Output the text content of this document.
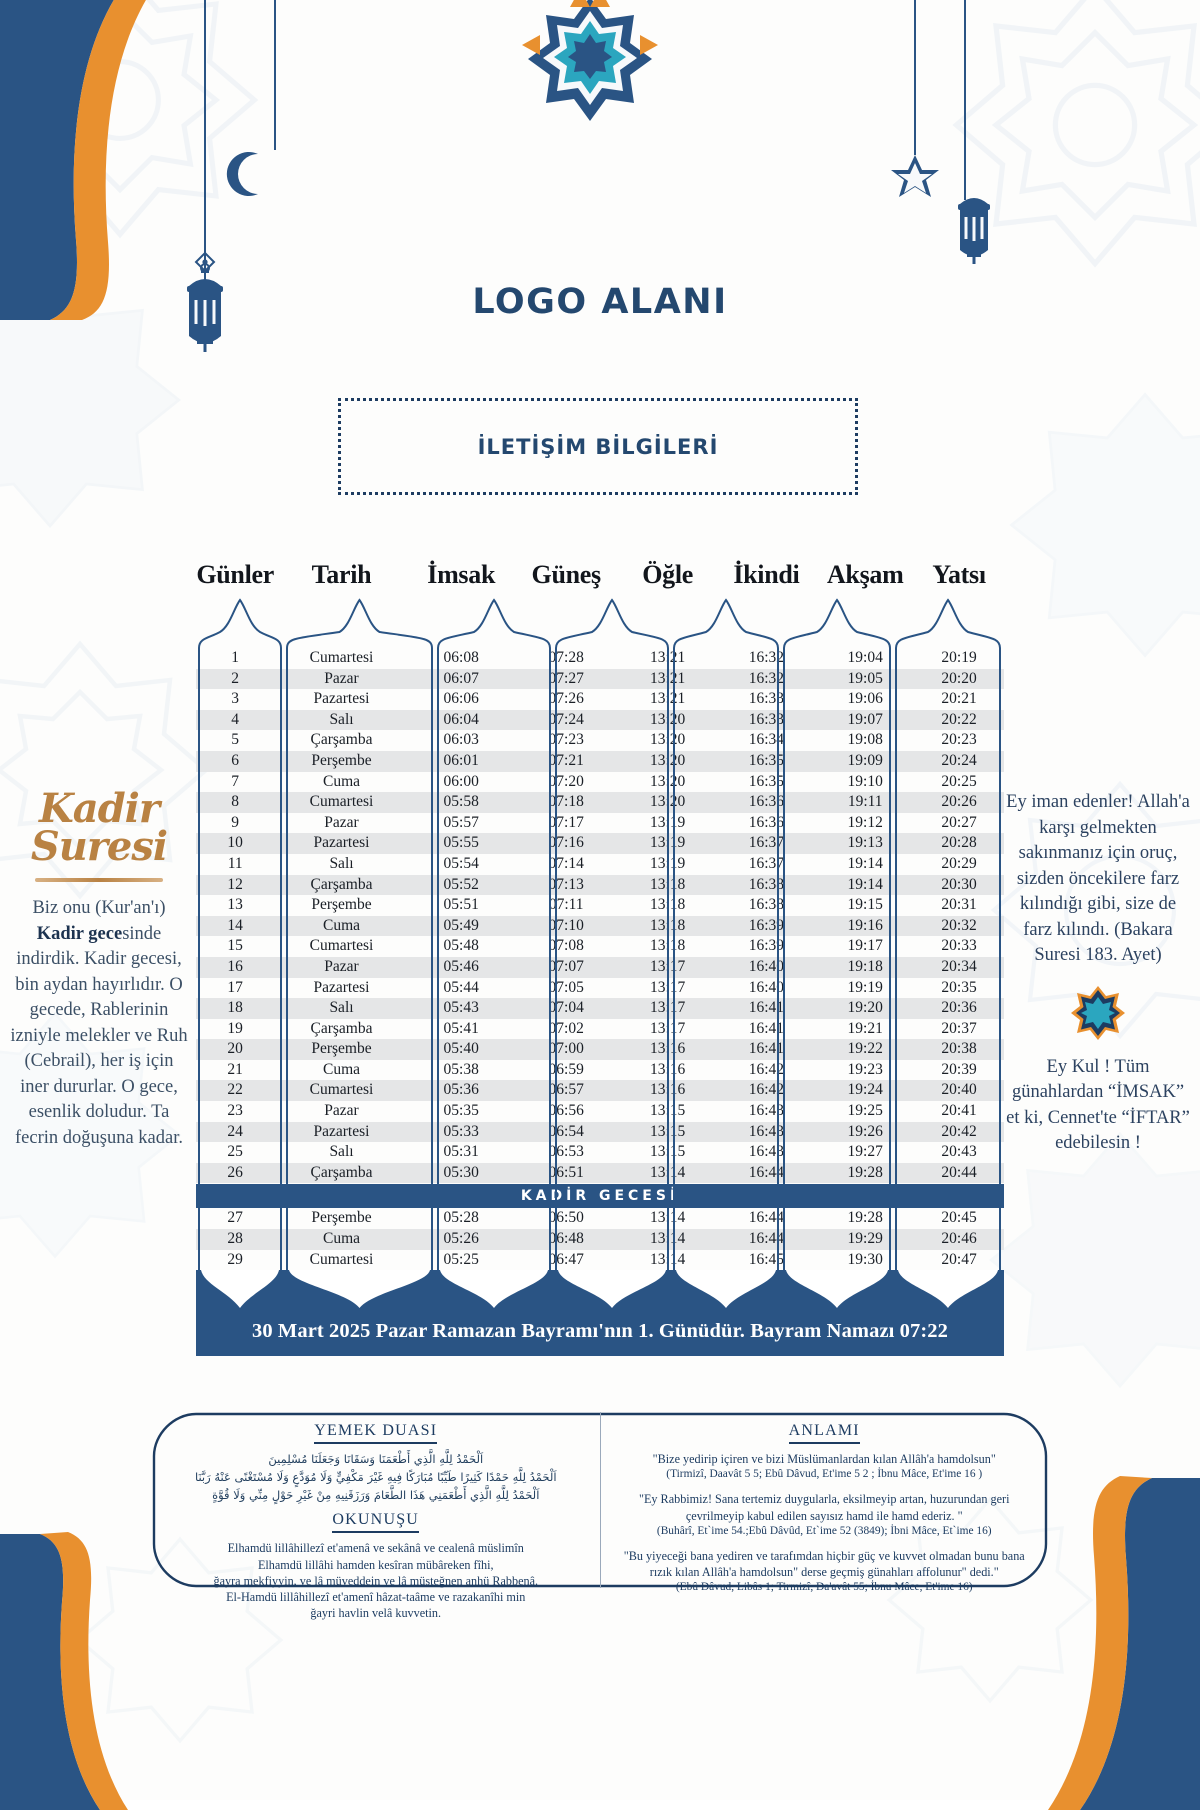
LOGO ALANI
İLETİŞİM BİLGİLERİ
Günler	Tarih	İmsak	Güneş	Öğle	İkindi	Akşam	Yatsı
1	Cumartesi	06:08	07:28	13:21	16:32	19:04	20:19
2	Pazar	06:07	07:27	13:21	16:32	19:05	20:20
3	Pazartesi	06:06	07:26	13:21	16:33	19:06	20:21
4	Salı	06:04	07:24	13:20	16:33	19:07	20:22
5	Çarşamba	06:03	07:23	13:20	16:34	19:08	20:23
6	Perşembe	06:01	07:21	13:20	16:35	19:09	20:24
7	Cuma	06:00	07:20	13:20	16:35	19:10	20:25
8	Cumartesi	05:58	07:18	13:20	16:36	19:11	20:26
9	Pazar	05:57	07:17	13:19	16:36	19:12	20:27
10	Pazartesi	05:55	07:16	13:19	16:37	19:13	20:28
11	Salı	05:54	07:14	13:19	16:37	19:14	20:29
12	Çarşamba	05:52	07:13	13:18	16:38	19:14	20:30
13	Perşembe	05:51	07:11	13:18	16:38	19:15	20:31
14	Cuma	05:49	07:10	13:18	16:39	19:16	20:32
15	Cumartesi	05:48	07:08	13:18	16:39	19:17	20:33
16	Pazar	05:46	07:07	13:17	16:40	19:18	20:34
17	Pazartesi	05:44	07:05	13:17	16:40	19:19	20:35
18	Salı	05:43	07:04	13:17	16:41	19:20	20:36
19	Çarşamba	05:41	07:02	13:17	16:41	19:21	20:37
20	Perşembe	05:40	07:00	13:16	16:41	19:22	20:38
21	Cuma	05:38	06:59	13:16	16:42	19:23	20:39
22	Cumartesi	05:36	06:57	13:16	16:42	19:24	20:40
23	Pazar	05:35	06:56	13:15	16:43	19:25	20:41
24	Pazartesi	05:33	06:54	13:15	16:43	19:26	20:42
25	Salı	05:31	06:53	13:15	16:43	19:27	20:43
26	Çarşamba	05:30	06:51	13:14	16:44	19:28	20:44
KADİR GECESİ
27	Perşembe	05:28	06:50	13:14	16:44	19:28	20:45
28	Cuma	05:26	06:48	13:14	16:44	19:29	20:46
29	Cumartesi	05:25	06:47	13:14	16:45	19:30	20:47
30 Mart 2025 Pazar Ramazan Bayramı'nın 1. Günüdür. Bayram Namazı 07:22
Kadir
Suresi
Biz onu (Kur'an'ı) Kadir gecesinde indirdik. Kadir gecesi, bin aydan hayırlıdır. O gecede, Rablerinin izniyle melekler ve Ruh (Cebrail), her iş için iner dururlar. O gece, esenlik doludur. Ta fecrin doğuşuna kadar.
Ey iman edenler! Allah'a karşı gelmekten sakınmanız için oruç, sizden öncekilere farz kılındığı gibi, size de farz kılındı. (Bakara Suresi 183. Ayet)
Ey Kul ! Tüm günahlardan “İMSAK” et ki, Cennet'te “İFTAR” edebilesin !
YEMEK DUASI
اَلْحَمْدُ لِلَّهِ الَّذِي أَطْعَمَنَا وَسَقَانَا وَجَعَلَنَا مُسْلِمِينَ
اَلْحَمْدُ لِلَّهِ حَمْدًا كَثِيرًا طَيِّبًا مُبَارَكًا فِيهِ غَيْرَ مَكْفِيٍّ وَلَا مُوَدَّعٍ وَلَا مُسْتَغْنًى عَنْهُ رَبَّنَا
اَلْحَمْدُ لِلَّهِ الَّذِي أَطْعَمَنِي هَذَا الطَّعَامَ وَرَزَقَنِيهِ مِنْ غَيْرِ حَوْلٍ مِنِّي وَلَا قُوَّةٍ
OKUNUŞU
Elhamdü lillâhillezî et'amenâ ve sekânâ ve cealenâ müslimîn
Elhamdü lillâhi hamden kesîran mübâreken fîhi,
ğayra mekfiyyin, ve lâ müveddein ve lâ müsteğnen anhü Rabbenâ.
El-Hamdü lillâhillezî et'amenî hâzat-taâme ve razakanîhi min
ğayri havlin velâ kuvvetin.
ANLAMI
"Bize yedirip içiren ve bizi Müslümanlardan kılan Allâh'a hamdolsun"
(Tirmizî, Daavât 5 5; Ebû Dâvud, Et'ime 5 2 ; İbnu Mâce, Et'ime 16 )
"Ey Rabbimiz! Sana tertemiz duygularla, eksilmeyip artan, huzurundan geri çevrilmeyip kabul edilen sayısız hamd ile hamd ederiz. "
(Buhârî, Et`ime 54.;Ebû Dâvûd, Et`ime 52 (3849); İbni Mâce, Et`ime 16)
"Bu yiyeceği bana yediren ve tarafımdan hiçbir güç ve kuvvet olmadan bunu bana rızık kılan Allâh'a hamdolsun" derse geçmiş günahları affolunur" dedi."
(Ebû Dâvud, Libâs 1; Tirmizî, Da'avât 55; İbnu Mâce, Et'ime 16)
